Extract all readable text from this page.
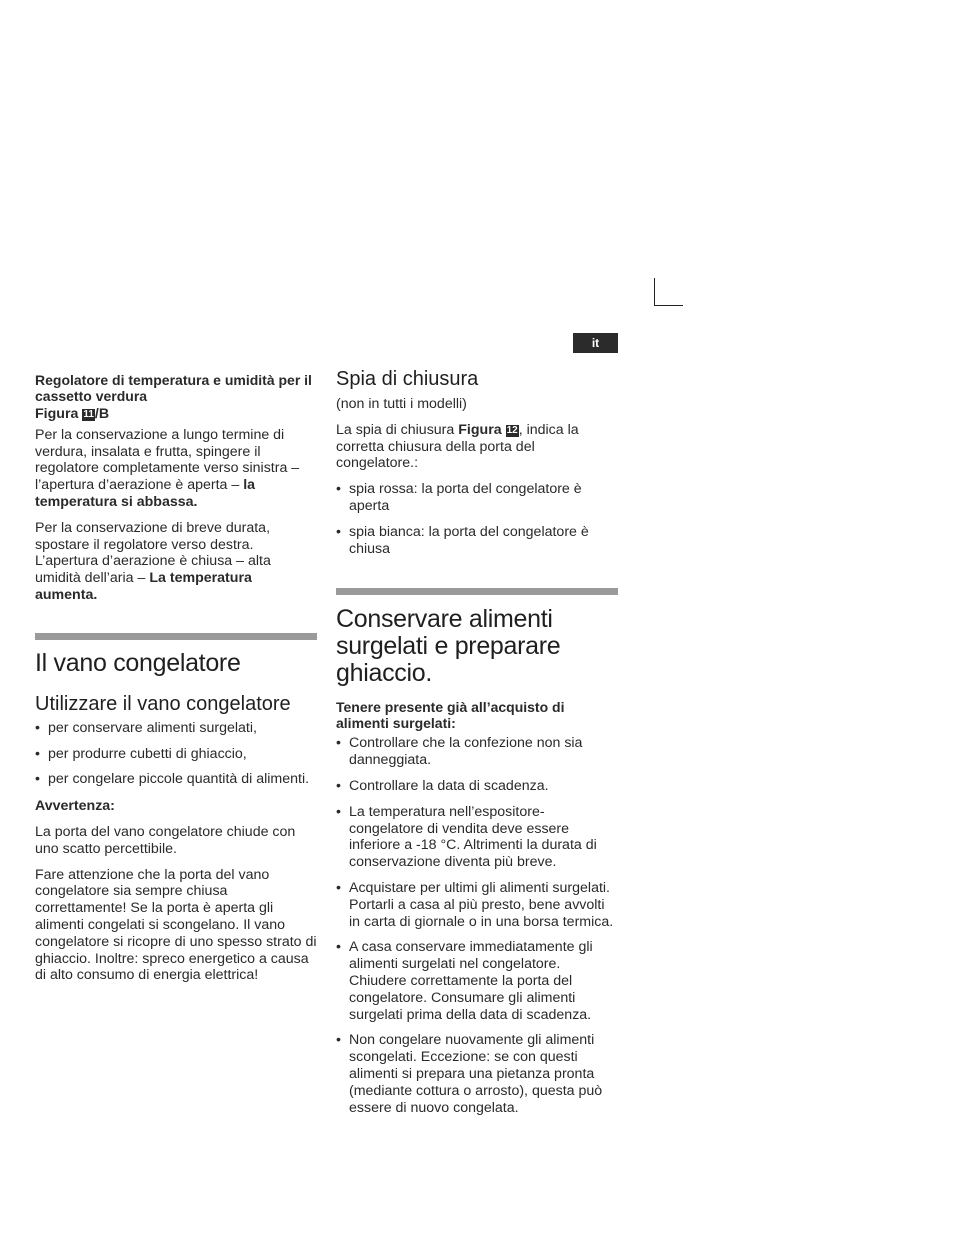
it

Regolatore di temperatura e umidità per il cassetto verdura

Figura 11/B

Per la conservazione a lungo termine di verdura, insalata e frutta, spingere il regolatore completamente verso sinistra – l’apertura d’aerazione è aperta – la temperatura si abbassa.

Per la conservazione di breve durata, spostare il regolatore verso destra. L’apertura d’aerazione è chiusa – alta umidità dell’aria – La temperatura aumenta.

Il vano congelatore
Utilizzare il vano congelatore
• per conservare alimenti surgelati,
• per produrre cubetti di ghiaccio,
• per congelare piccole quantità di alimenti.

Avvertenza:

La porta del vano congelatore chiude con uno scatto percettibile.

Fare attenzione che la porta del vano congelatore sia sempre chiusa correttamente! Se la porta è aperta gli alimenti congelati si scongelano. Il vano congelatore si ricopre di uno spesso strato di ghiaccio. Inoltre: spreco energetico a causa di alto consumo di energia elettrica!

Spia di chiusura

(non in tutti i modelli)

La spia di chiusura Figura 12, indica la corretta chiusura della porta del congelatore.:

• spia rossa: la porta del congelatore è aperta
• spia bianca: la porta del congelatore è chiusa
Conservare alimenti surgelati e preparare ghiaccio.

Tenere presente già all’acquisto di alimenti surgelati:

• Controllare che la confezione non sia danneggiata.
• Controllare la data di scadenza.
• La temperatura nell’espositore-congelatore di vendita deve essere inferiore a -18 °C. Altrimenti la durata di conservazione diventa più breve.
• Acquistare per ultimi gli alimenti surgelati. Portarli a casa al più presto, bene avvolti in carta di giornale o in una borsa termica.
• A casa conservare immediatamente gli alimenti surgelati nel congelatore. Chiudere correttamente la porta del congelatore. Consumare gli alimenti surgelati prima della data di scadenza.
• Non congelare nuovamente gli alimenti scongelati. Eccezione: se con questi alimenti si prepara una pietanza pronta (mediante cottura o arrosto), questa può essere di nuovo congelata.
